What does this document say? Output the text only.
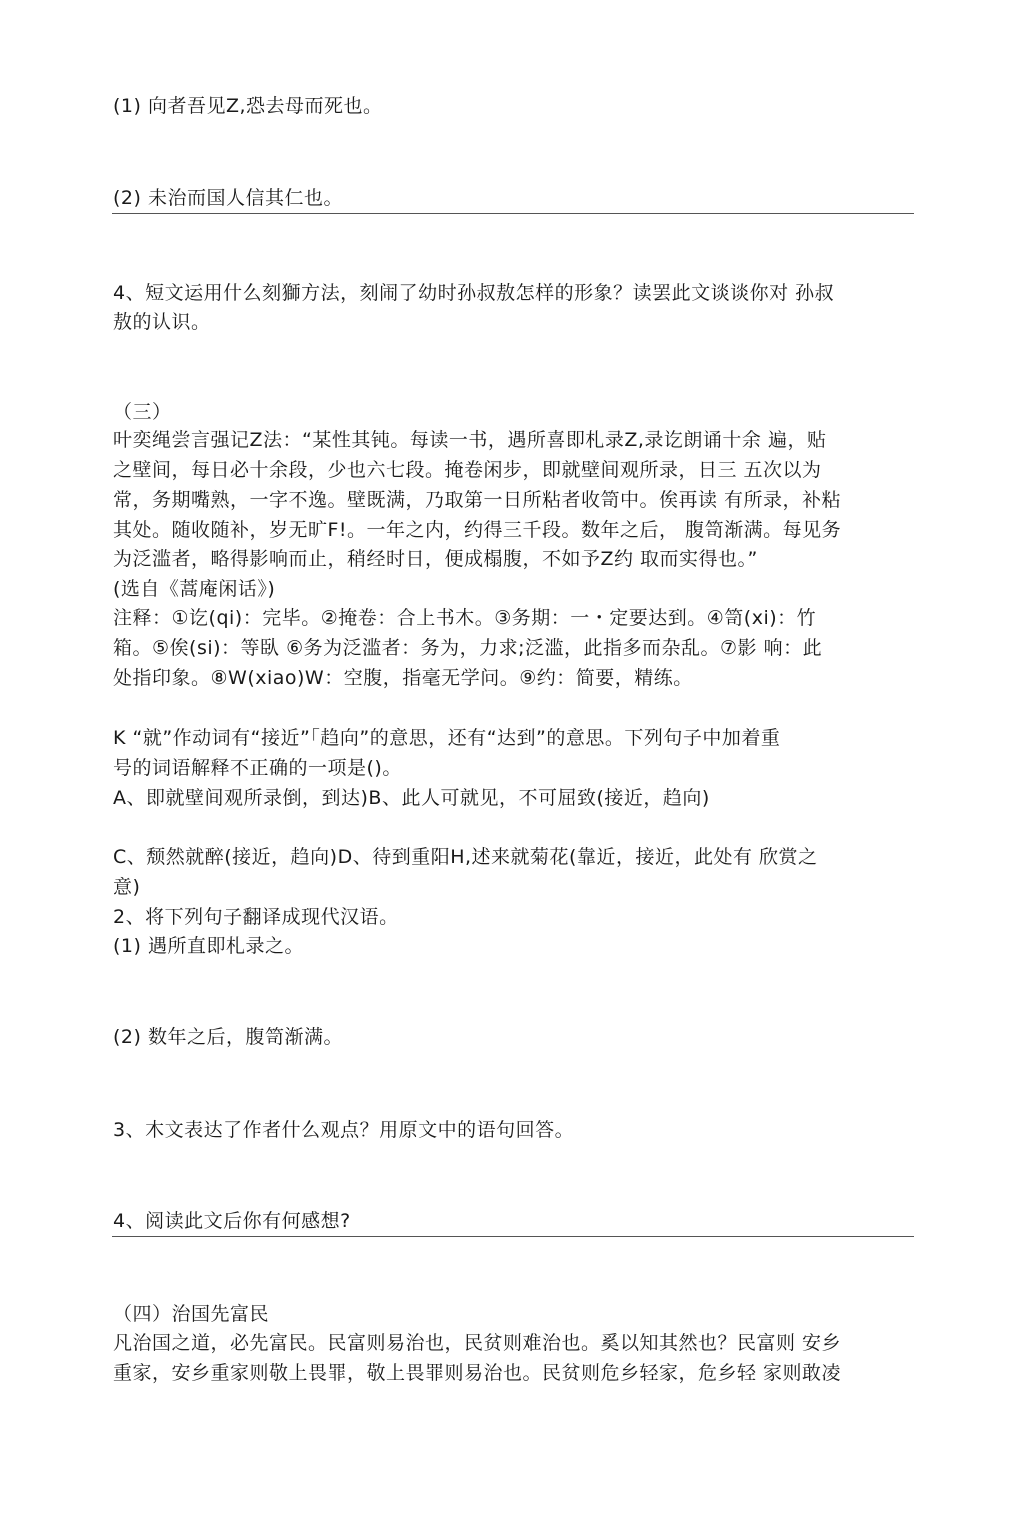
(1) 向者吾见Z,恐去母而死也。

(2) 未治而国人信其仁也。

4、短文运用什么刻獅方法，刻闹了幼时孙叔敖怎样的形象？读罢此文谈谈你对 孙叔

敖的认识。

（三）

叶奕绳尝言强记Z法：“某性其钝。每读一书，遇所喜即札录Z,录讫朗诵十余 遍，贴

之壁间，每日必十余段，少也六七段。掩卷闲步，即就壁间观所录，日三 五次以为

常，务期嘴熟，一字不逸。壁既满，乃取第一日所粘者收笥中。俟再读 有所录，补粘

其处。随收随补，岁无旷F!。一年之内，约得三千段。数年之后， 腹笥渐满。每见务

为泛滥者，略得影响而止，稍经时日，便成榻腹，不如予Z约 取而实得也。”

(选自《蒿庵闲话》)

注释：①讫(qi)：完毕。②掩卷：合上书木。③务期：一・定要达到。④笥(xi)：竹

箱。⑤俟(si)：等臥 ⑥务为泛滥者：务为，力求;泛滥，此指多而杂乱。⑦影 响：此

处指印象。⑧W(xiao)W：空腹，指毫无学问。⑨约：简要，精练。

K “就”作动词有“接近”「趋向”的意思，还有“达到”的意思。下列句子中加着重

号的词语解释不正确的一项是()。

A、即就壁间观所录倒，到达)B、此人可就见，不可屈致(接近，趋向)

C、颓然就醉(接近，趋向)D、待到重阳H,述来就菊花(靠近，接近，此处有 欣赏之

意)

2、将下列句子翻译成现代汉语。

(1) 遇所直即札录之。

(2) 数年之后，腹笥渐满。

3、木文表达了作者什么观点？用原文中的语句回答。

4、阅读此文后你有何感想?

（四）治国先富民

凡治国之道，必先富民。民富则易治也，民贫则难治也。奚以知其然也？民富则 安乡

重家，安乡重家则敬上畏罪，敬上畏罪则易治也。民贫则危乡轻家，危乡轻 家则敢凌
